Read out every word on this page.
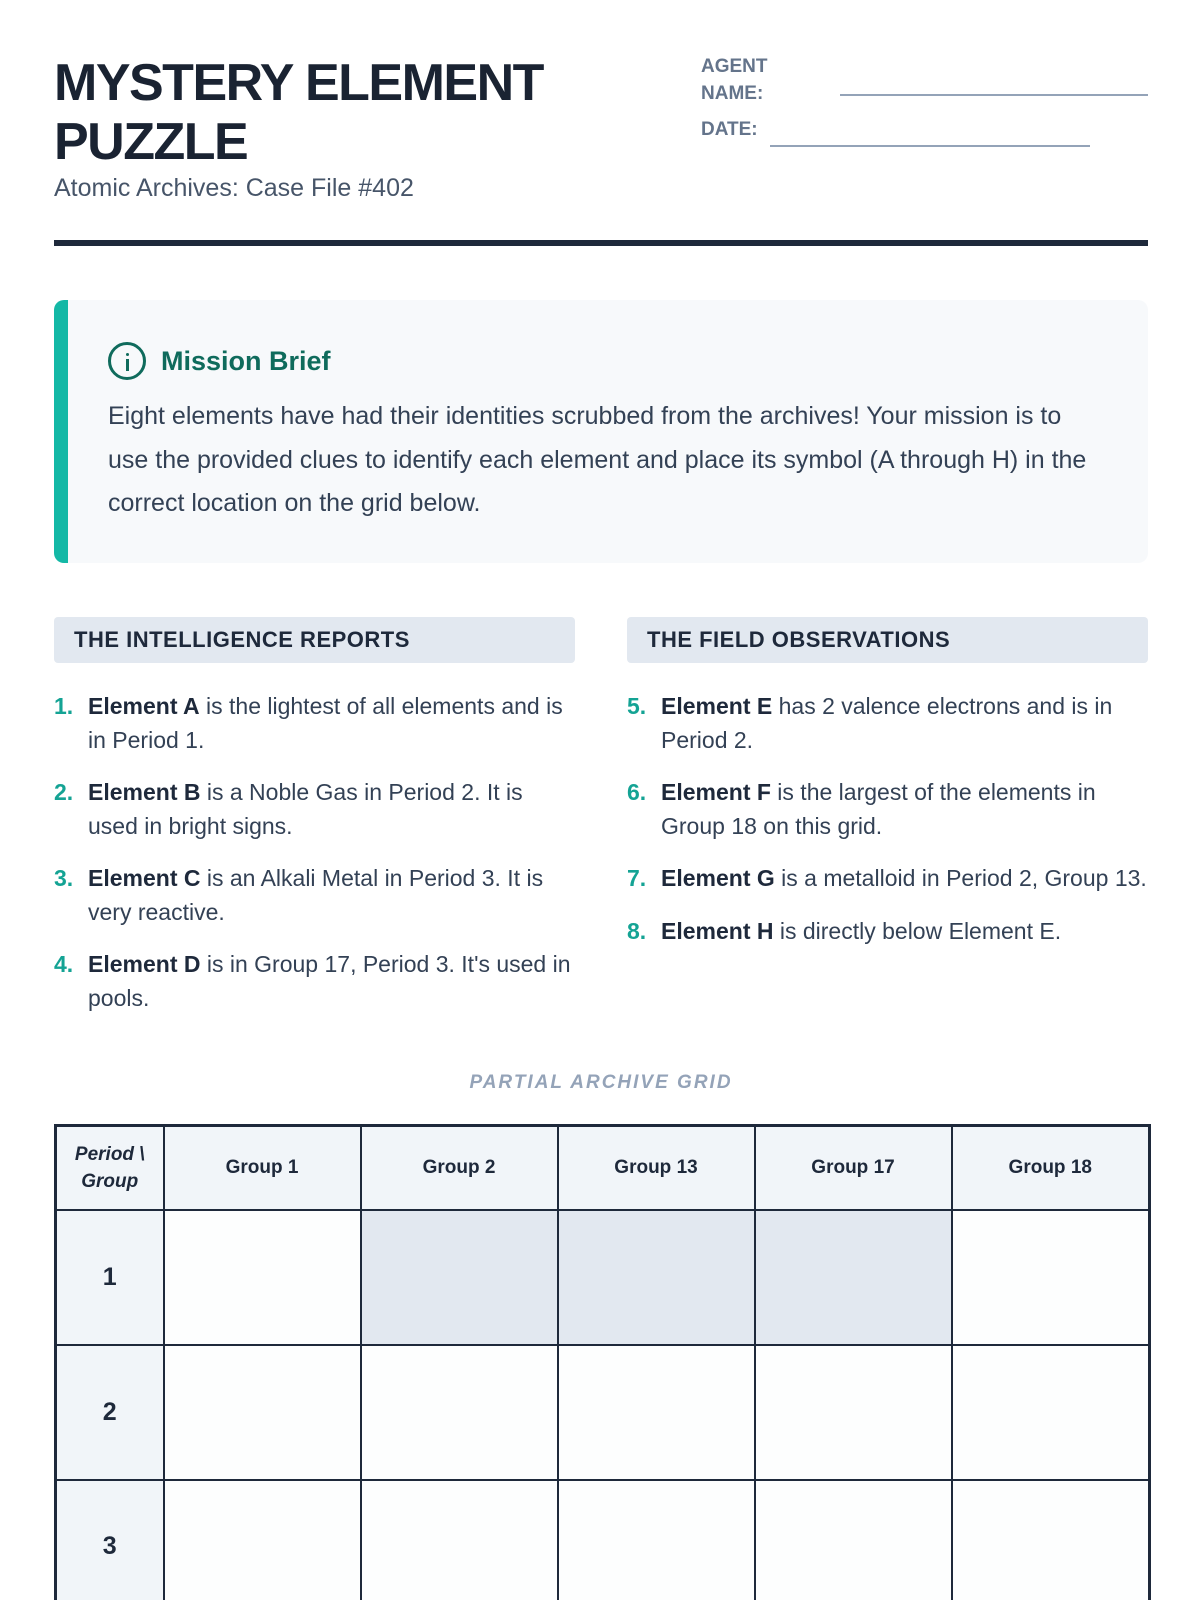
MYSTERY ELEMENT PUZZLE
Atomic Archives: Case File #402
AGENT
NAME:
DATE:
Mission Brief
Eight elements have had their identities scrubbed from the archives! Your mission is to use the provided clues to identify each element and place its symbol (A through H) in the correct location on the grid below.
THE INTELLIGENCE REPORTS
1. Element A is the lightest of all elements and is in Period 1.
2. Element B is a Noble Gas in Period 2. It is used in bright signs.
3. Element C is an Alkali Metal in Period 3. It is very reactive.
4. Element D is in Group 17, Period 3. It's used in pools.
THE FIELD OBSERVATIONS
5. Element E has 2 valence electrons and is in Period 2.
6. Element F is the largest of the elements in Group 18 on this grid.
7. Element G is a metalloid in Period 2, Group 13.
8. Element H is directly below Element E.
PARTIAL ARCHIVE GRID
Period \
Group	Group 1	Group 2	Group 13	Group 17	Group 18
1					
2					
3					
